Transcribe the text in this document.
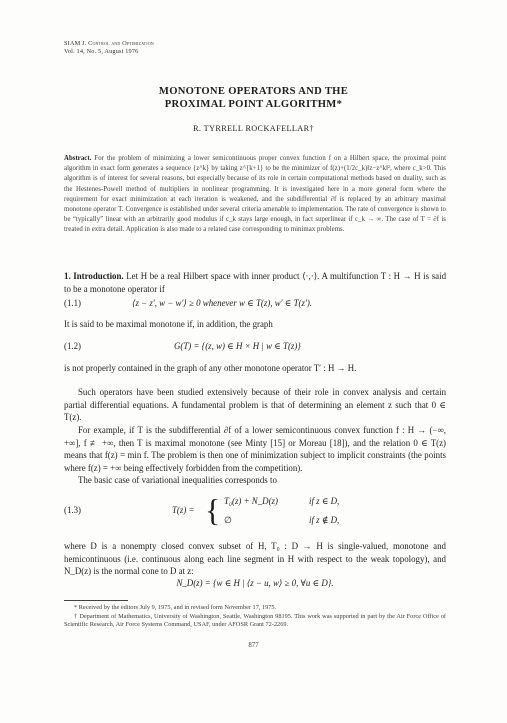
SIAM J. Control and Optimization
Vol. 14, No. 5, August 1976
MONOTONE OPERATORS AND THE
PROXIMAL POINT ALGORITHM*
R. TYRRELL ROCKAFELLAR†
Abstract. For the problem of minimizing a lower semicontinuous proper convex function f on a Hilbert space, the proximal point algorithm in exact form generates a sequence {z^k} by taking z^{k+1} to be the minimizer of f(z)+(1/2c_k)‖z−z^k‖², where c_k>0. This algorithm is of interest for several reasons, but especially because of its role in certain computational methods based on duality, such as the Hestenes-Powell method of multipliers in nonlinear programming. It is investigated here in a more general form where the requirement for exact minimization at each iteration is weakened, and the subdifferential ∂f is replaced by an arbitrary maximal monotone operator T. Convergence is established under several criteria amenable to implementation. The rate of convergence is shown to be “typically” linear with an arbitrarily good modulus if c_k stays large enough, in fact superlinear if c_k → ∞. The case of T = ∂f is treated in extra detail. Application is also made to a related case corresponding to minimax problems.
1. Introduction. Let H be a real Hilbert space with inner product ⟨·,·⟩. A multifunction T : H → H is said to be a monotone operator if
(1.1)	⟨z − z′, w − w′⟩ ≥ 0 whenever w ∈ T(z), w′ ∈ T(z′).
It is said to be maximal monotone if, in addition, the graph
(1.2)	G(T) = {(z, w) ∈ H × H | w ∈ T(z)}
is not properly contained in the graph of any other monotone operator T′ : H → H.
Such operators have been studied extensively because of their role in convex analysis and certain partial differential equations. A fundamental problem is that of determining an element z such that 0 ∈ T(z).
For example, if T is the subdifferential ∂f of a lower semicontinuous convex function f : H → (−∞, +∞], f ≢ +∞, then T is maximal monotone (see Minty [15] or Moreau [18]), and the relation 0 ∈ T(z) means that f(z) = min f. The problem is then one of minimization subject to implicit constraints (the points where f(z) = +∞ being effectively forbidden from the competition).
The basic case of variational inequalities corresponds to
(1.3)	T(z) = { T₀(z) + N_D(z)	if z ∈ D,
∅	if z ∉ D,
where D is a nonempty closed convex subset of H, T₀ : D → H is single-valued, monotone and hemicontinuous (i.e. continuous along each line segment in H with respect to the weak topology), and N_D(z) is the normal cone to D at z:
N_D(z) = {w ∈ H | ⟨z − u, w⟩ ≥ 0, ∀u ∈ D}.
* Received by the editors July 9, 1975, and in revised form November 17, 1975.
† Department of Mathematics, University of Washington, Seattle, Washington 98195. This work was supported in part by the Air Force Office of Scientific Research, Air Force Systems Command, USAF, under AFOSR Grant 72-2269.
877
